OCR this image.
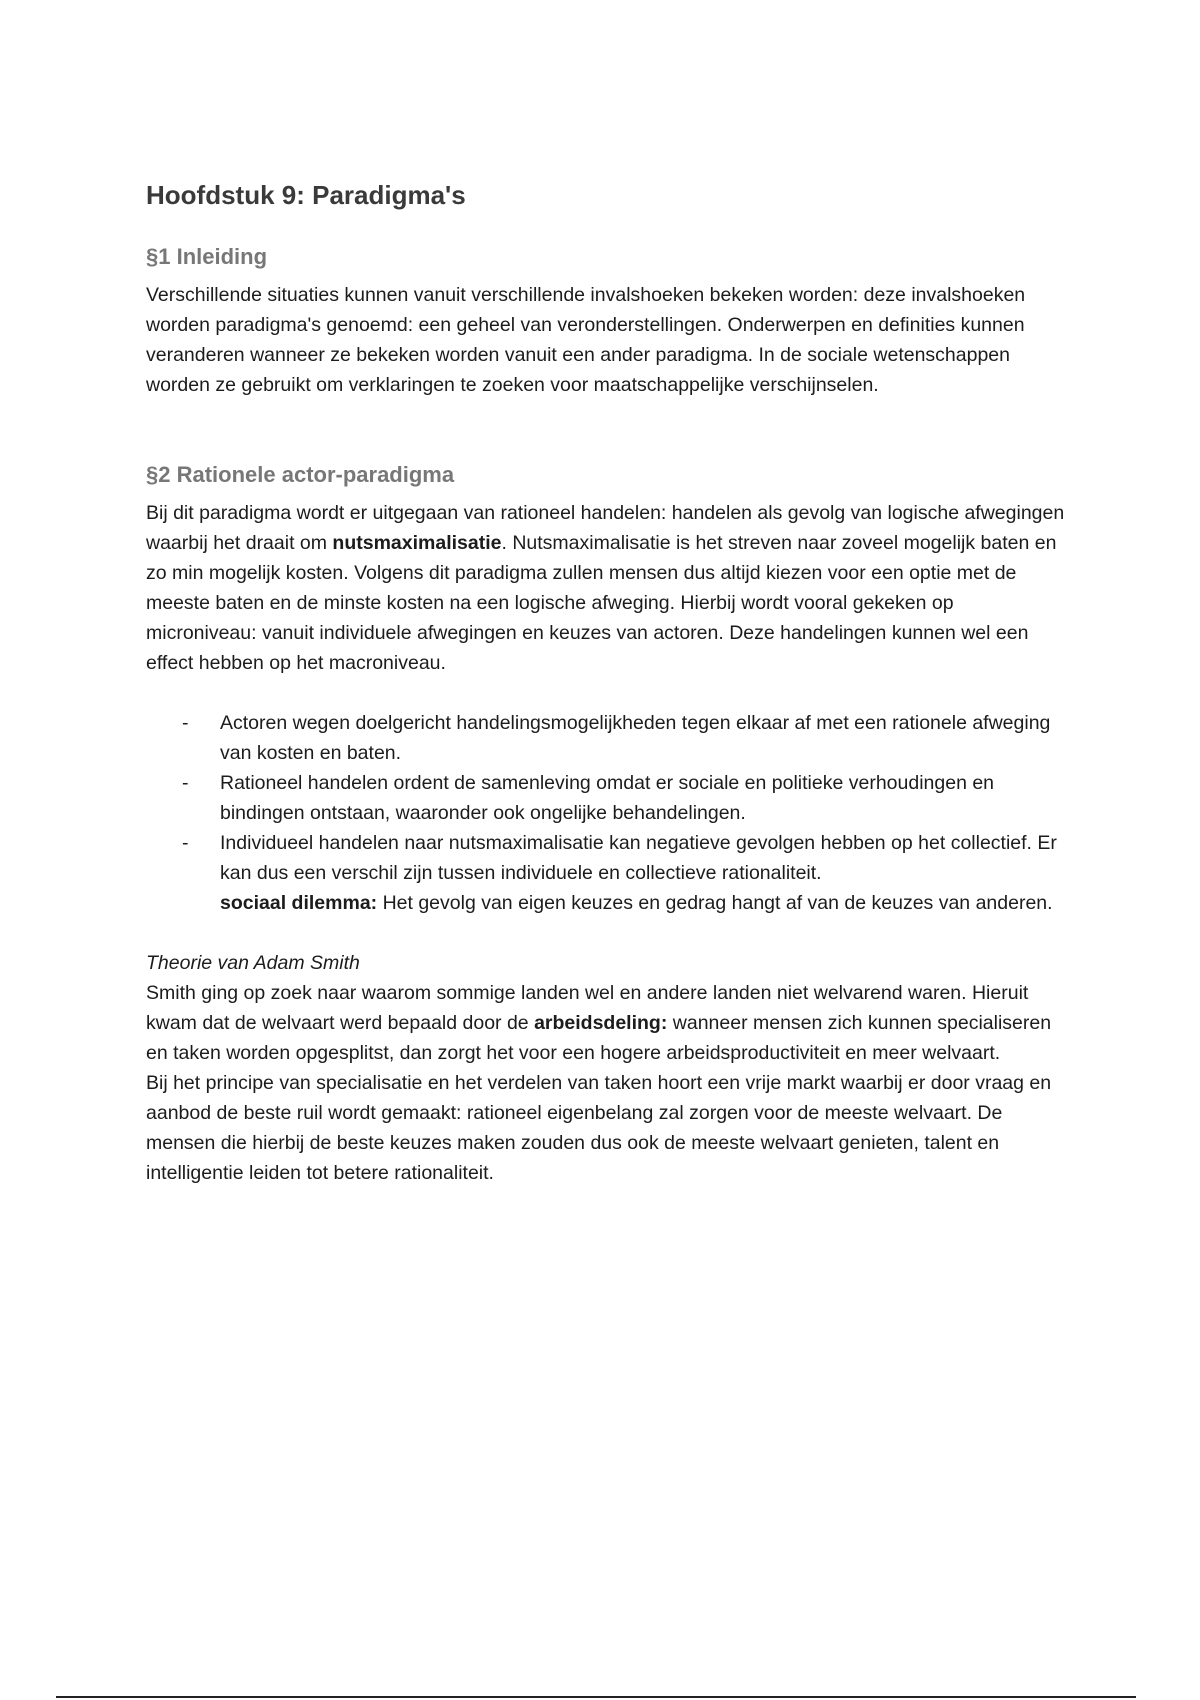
Hoofdstuk 9: Paradigma's
§1 Inleiding

Verschillende situaties kunnen vanuit verschillende invalshoeken bekeken worden: deze invalshoeken worden paradigma's genoemd: een geheel van veronderstellingen. Onderwerpen en definities kunnen veranderen wanneer ze bekeken worden vanuit een ander paradigma. In de sociale wetenschappen worden ze gebruikt om verklaringen te zoeken voor maatschappelijke verschijnselen.

§2 Rationele actor-paradigma

Bij dit paradigma wordt er uitgegaan van rationeel handelen: handelen als gevolg van logische afwegingen waarbij het draait om nutsmaximalisatie. Nutsmaximalisatie is het streven naar zoveel mogelijk baten en zo min mogelijk kosten. Volgens dit paradigma zullen mensen dus altijd kiezen voor een optie met de meeste baten en de minste kosten na een logische afweging. Hierbij wordt vooral gekeken op microniveau: vanuit individuele afwegingen en keuzes van actoren. Deze handelingen kunnen wel een effect hebben op het macroniveau.

- Actoren wegen doelgericht handelingsmogelijkheden tegen elkaar af met een rationele afweging van kosten en baten.
- Rationeel handelen ordent de samenleving omdat er sociale en politieke verhoudingen en bindingen ontstaan, waaronder ook ongelijke behandelingen.
- Individueel handelen naar nutsmaximalisatie kan negatieve gevolgen hebben op het collectief. Er kan dus een verschil zijn tussen individuele en collectieve rationaliteit.
sociaal dilemma: Het gevolg van eigen keuzes en gedrag hangt af van de keuzes van anderen.

Theorie van Adam Smith

Smith ging op zoek naar waarom sommige landen wel en andere landen niet welvarend waren. Hieruit kwam dat de welvaart werd bepaald door de arbeidsdeling: wanneer mensen zich kunnen specialiseren en taken worden opgesplitst, dan zorgt het voor een hogere arbeidsproductiviteit en meer welvaart.

Bij het principe van specialisatie en het verdelen van taken hoort een vrije markt waarbij er door vraag en aanbod de beste ruil wordt gemaakt: rationeel eigenbelang zal zorgen voor de meeste welvaart. De mensen die hierbij de beste keuzes maken zouden dus ook de meeste welvaart genieten, talent en intelligentie leiden tot betere rationaliteit.
